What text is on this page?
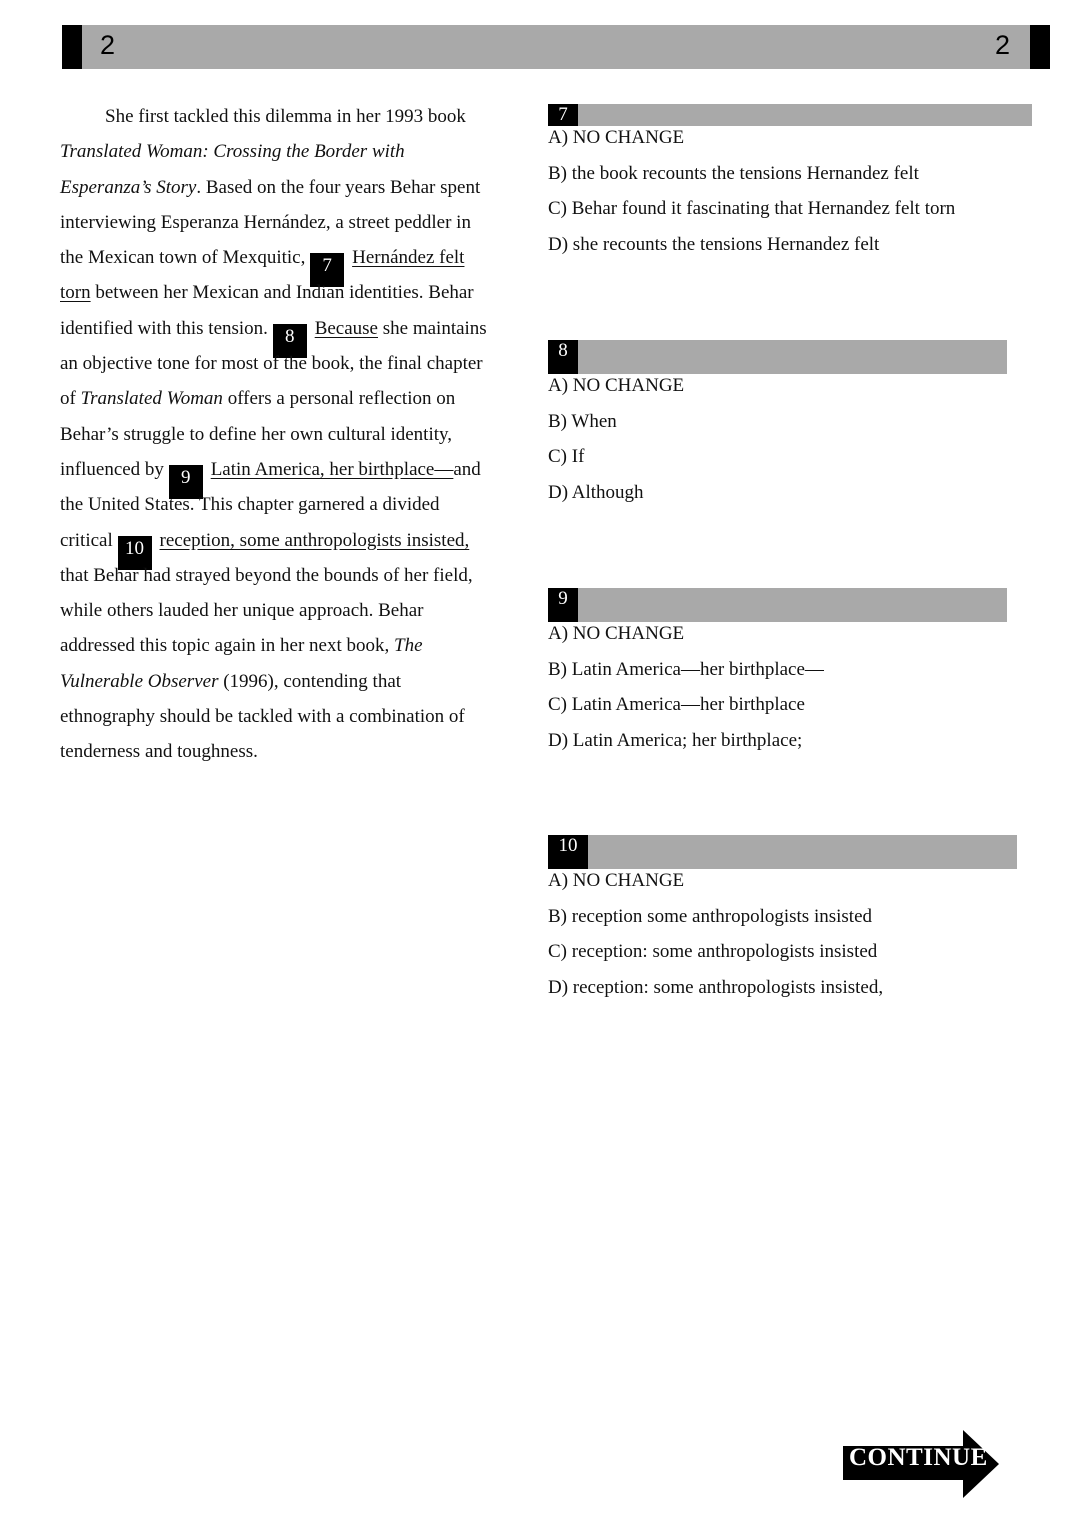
2	2
She first tackled this dilemma in her 1993 book
Translated Woman: Crossing the Border with
Esperanza’s Story. Based on the four years Behar spent
interviewing Esperanza Hernández, a street peddler in
the Mexican town of Mexquitic, 7 Hernández felt
torn between her Mexican and Indian identities. Behar
identified with this tension. 8 Because she maintains
an objective tone for most of the book, the final chapter
of Translated Woman offers a personal reflection on
Behar’s struggle to define her own cultural identity,
influenced by 9 Latin America, her birthplace—and
the United States. This chapter garnered a divided
critical 10 reception, some anthropologists insisted,
that Behar had strayed beyond the bounds of her field,
while others lauded her unique approach. Behar
addressed this topic again in her next book, The
Vulnerable Observer (1996), contending that
ethnography should be tackled with a combination of
tenderness and toughness.
7
A) NO CHANGE
B) the book recounts the tensions Hernandez felt
C) Behar found it fascinating that Hernandez felt torn
D) she recounts the tensions Hernandez felt
8
A) NO CHANGE
B) When
C) If
D) Although
9
A) NO CHANGE
B) Latin America—her birthplace—
C) Latin America—her birthplace
D) Latin America; her birthplace;
10
A) NO CHANGE
B) reception some anthropologists insisted
C) reception: some anthropologists insisted
D) reception: some anthropologists insisted,
CONTINUE
